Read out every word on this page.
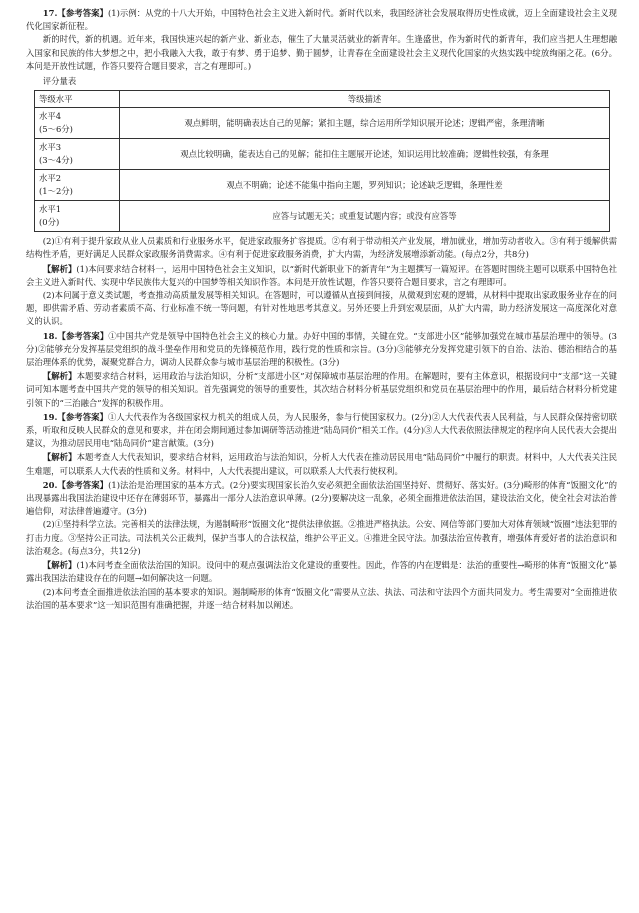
17.【参考答案】(1)示例：从党的十八大开始，中国特色社会主义进入新时代。新时代以来，我国经济社会发展取得历史性成就，迈上全面建设社会主义现代化国家新征程。

新的时代，新的机遇。近年来，我国快速兴起的新产业、新业态，催生了大量灵活就业的新青年。生逢盛世，作为新时代的新青年，我们应当把人生理想融入国家和民族的伟大梦想之中，把小我融入大我，敢于有梦、勇于追梦、勤于圆梦，让青春在全面建设社会主义现代化国家的火热实践中绽放绚丽之花。(6分。本问是开放性试题，作答只要符合题目要求，言之有理即可。)

评分量表

等级水平	等级描述

水平4
(5～6分)	观点鲜明，能明确表达自己的见解；紧扣主题，综合运用所学知识展开论述；逻辑严密，条理清晰

水平3
(3～4分)	观点比较明确，能表达自己的见解；能扣住主题展开论述，知识运用比较准确；逻辑性较强，有条理

水平2
(1～2分)	观点不明确；论述不能集中指向主题，罗列知识；论述缺乏逻辑，条理性差

水平1
(0分)	应答与试题无关；或重复试题内容；或没有应答等

(2)①有利于提升家政从业人员素质和行业服务水平，促进家政服务扩容提质。②有利于带动相关产业发展，增加就业，增加劳动者收入。③有利于缓解供需结构性矛盾，更好满足人民群众家政服务消费需求。④有利于促进家政服务消费，扩大内需，为经济发展增添新动能。(每点2分，共8分)

【解析】(1)本问要求结合材料一，运用中国特色社会主义知识，以“新时代新职业下的新青年”为主题撰写一篇短评。在答题时围绕主题可以联系中国特色社会主义进入新时代、实现中华民族伟大复兴的中国梦等相关知识作答。本问是开放性试题，作答只要符合题目要求，言之有理即可。

(2)本问属于意义类试题，考查推动高质量发展等相关知识。在答题时，可以遵循从直接到间接，从微观到宏观的逻辑，从材料中提取出家政服务业存在的问题，即供需矛盾、劳动者素质不高、行业标准不统一等问题，有针对性地思考其意义。另外还要上升到宏观层面，从扩大内需，助力经济发展这一高度深化对意义的认识。

18.【参考答案】①中国共产党是领导中国特色社会主义的核心力量。办好中国的事情，关键在党。“支部进小区”能够加强党在城市基层治理中的领导。(3分)②能够充分发挥基层党组织的战斗堡垒作用和党员的先锋模范作用，践行党的性质和宗旨。(3分)③能够充分发挥党建引领下的自治、法治、德治相结合的基层治理体系的优势，凝聚党群合力，调动人民群众参与城市基层治理的积极性。(3分)

【解析】本题要求结合材料，运用政治与法治知识，分析“支部进小区”对保障城市基层治理的作用。在解题时，要有主体意识，根据设问中“支部”这一关键词可知本题考查中国共产党的领导的相关知识。首先强调党的领导的重要性，其次结合材料分析基层党组织和党员在基层治理中的作用，最后结合材料分析党建引领下的“三治融合”发挥的积极作用。

19.【参考答案】①人大代表作为各级国家权力机关的组成人员，为人民服务，参与行使国家权力。(2分)②人大代表代表人民利益，与人民群众保持密切联系，听取和反映人民群众的意见和要求，并在闭会期间通过参加调研等活动推进“陆岛同价”相关工作。(4分)③人大代表依照法律规定的程序向人民代表大会提出建议，为推动居民用电“陆岛同价”建言献策。(3分)

【解析】本题考查人大代表知识，要求结合材料，运用政治与法治知识，分析人大代表在推动居民用电“陆岛同价”中履行的职责。材料中，人大代表关注民生难题，可以联系人大代表的性质和义务。材料中，人大代表提出建议，可以联系人大代表行使权利。

20.【参考答案】(1)法治是治理国家的基本方式。(2分)要实现国家长治久安必须把全面依法治国坚持好、贯彻好、落实好。(3分)畸形的体育“饭圈文化”的出现暴露出我国法治建设中还存在薄弱环节，暴露出一部分人法治意识单薄。(2分)要解决这一乱象，必须全面推进依法治国，建设法治文化，使全社会对法治普遍信仰，对法律普遍遵守。(3分)

(2)①坚持科学立法。完善相关的法律法规，为遏制畸形“饭圈文化”提供法律依据。②推进严格执法。公安、网信等部门要加大对体育领域“饭圈”违法犯罪的打击力度。③坚持公正司法。司法机关公正裁判，保护当事人的合法权益，维护公平正义。④推进全民守法。加强法治宣传教育，增强体育爱好者的法治意识和法治观念。(每点3分，共12分)

【解析】(1)本问考查全面依法治国的知识。设问中的观点强调法治文化建设的重要性。因此，作答的内在逻辑是：法治的重要性→畸形的体育“饭圈文化”暴露出我国法治建设存在的问题→如何解决这一问题。

(2)本问考查全面推进依法治国的基本要求的知识。遏制畸形的体育“饭圈文化”需要从立法、执法、司法和守法四个方面共同发力。考生需要对“全面推进依法治国的基本要求”这一知识范围有准确把握，并逐一结合材料加以阐述。
